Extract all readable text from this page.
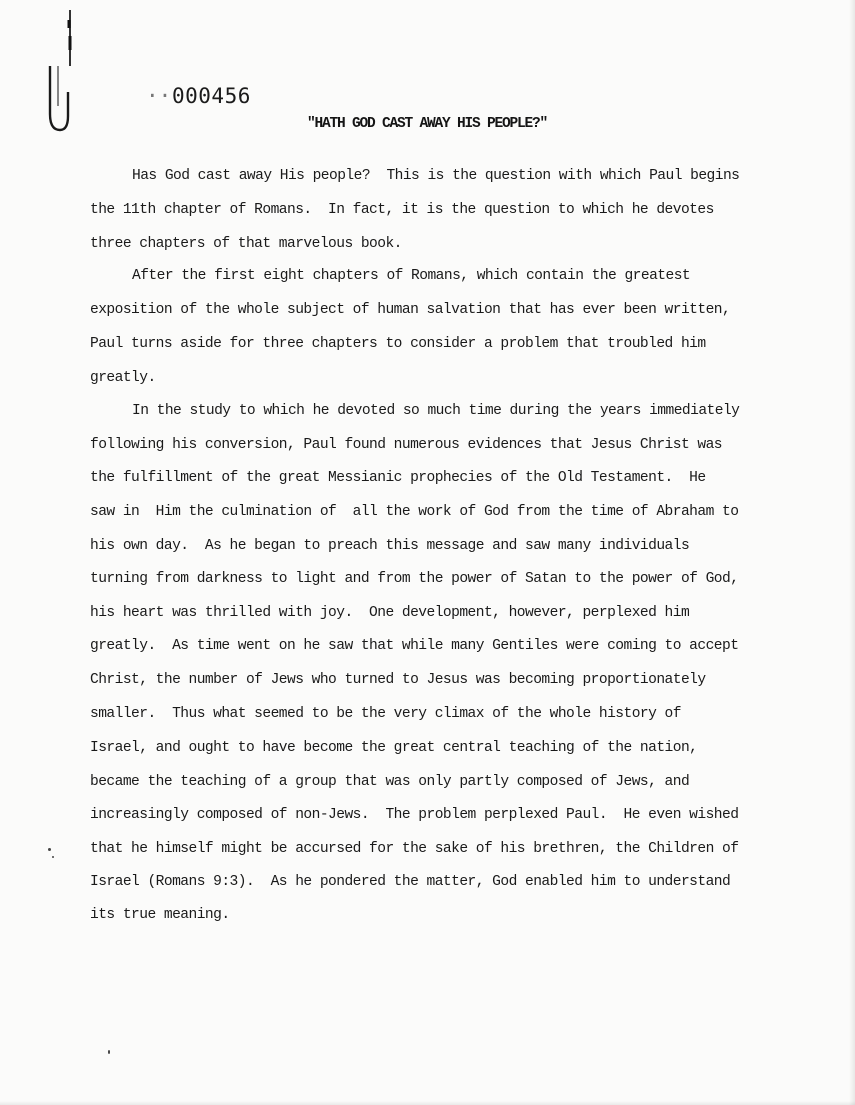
·· 000456
"HATH GOD CAST AWAY HIS PEOPLE?"
Has God cast away His people?  This is the question with which Paul begins
the 11th chapter of Romans.  In fact, it is the question to which he devotes
three chapters of that marvelous book.
After the first eight chapters of Romans, which contain the greatest
exposition of the whole subject of human salvation that has ever been written,
Paul turns aside for three chapters to consider a problem that troubled him
greatly.
In the study to which he devoted so much time during the years immediately
following his conversion, Paul found numerous evidences that Jesus Christ was
the fulfillment of the great Messianic prophecies of the Old Testament.  He
saw in  Him the culmination of  all the work of God from the time of Abraham to
his own day.  As he began to preach this message and saw many individuals
turning from darkness to light and from the power of Satan to the power of God,
his heart was thrilled with joy.  One development, however, perplexed him
greatly.  As time went on he saw that while many Gentiles were coming to accept
Christ, the number of Jews who turned to Jesus was becoming proportionately
smaller.  Thus what seemed to be the very climax of the whole history of
Israel, and ought to have become the great central teaching of the nation,
became the teaching of a group that was only partly composed of Jews, and
increasingly composed of non-Jews.  The problem perplexed Paul.  He even wished
that he himself might be accursed for the sake of his brethren, the Children of
Israel (Romans 9:3).  As he pondered the matter, God enabled him to understand
its true meaning.
